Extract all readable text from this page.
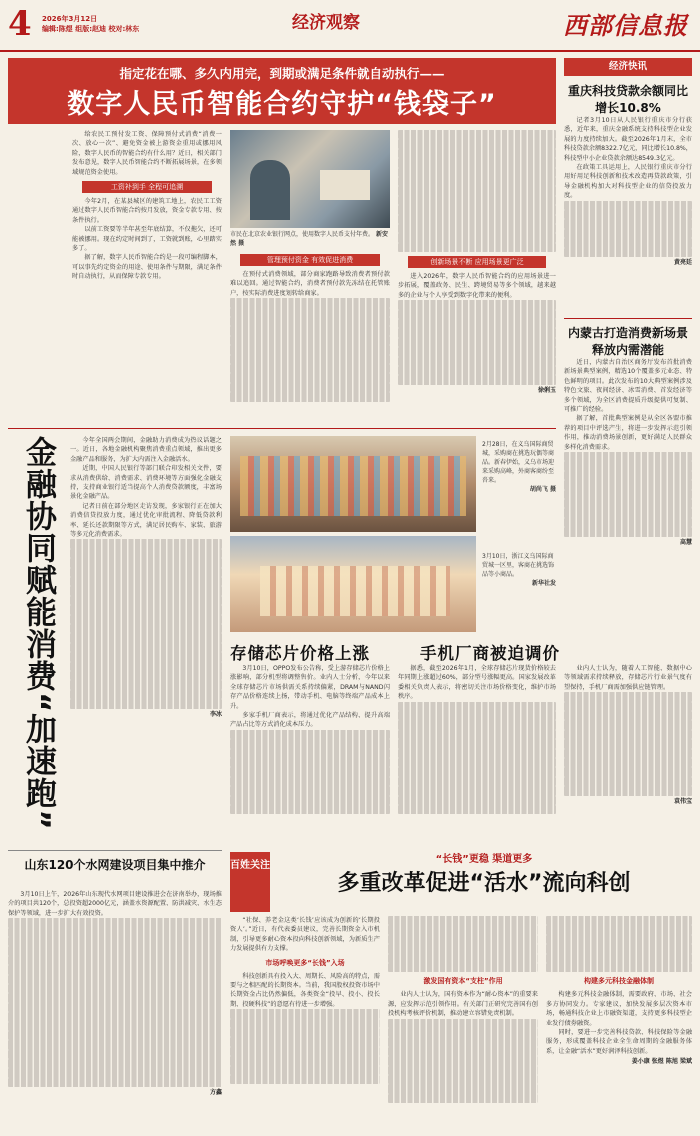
4 2026年3月12日
编辑:陈煜 组版:赵迪 校对:林东	经济观察	西部信息报
指定花在哪、多久内用完，到期或满足条件就自动执行——
数字人民币智能合约守护“钱袋子”

给农民工预付发工资、保障预付式消费“消费一次、放心一次”、避免资金被上游资金重用或挪用风险，数字人民币的智能合约有什么用？近日，相关部门发布意见，数字人民币智能合约不断拓展场景，在多领域规范资金使用。

工资补到手 全程可追溯

今年2月，在某县城区的建筑工地上，农民工工资通过数字人民币智能合约按月发放，资金专款专用、按条件执行。

以前工资要等半年甚至年底结算，不仅拖欠，还可能被挪用。现在约定时间到了，工资就到账，心里踏实多了。

据了解，数字人民币智能合约是一段可编程脚本，可以事先约定资金的用途、使用条件与期限，满足条件时自动执行，从而保障专款专用。

市民在北京农业银行网点，使用数字人民币支付年费。 新安然 摄
管理预付资金 有效促进消费

在预付式消费领域，部分商家跑路导致消费者预付款难以追回。通过智能合约，消费者预付款先冻结在托管账户，按实际消费进度划转给商家。

创新场景不断 应用场景更广泛

进入2026年，数字人民币智能合约的应用场景进一步拓展，覆盖政务、民生、跨境贸易等多个领域，越来越多的企业与个人享受到数字化带来的便利。

徐俐玉
金融协同赋能消费“加速跑”	今年全国两会期间，金融助力消费成为热议话题之一。近日，各地金融机构聚焦消费重点领域，推出更多金融产品和服务，为扩大内需注入金融活水。

近期，中国人民银行等部门联合印发相关文件，要求从消费供给、消费需求、消费环境等方面强化金融支持，支持商业银行适当提高个人消费贷款额度，丰富场景化金融产品。

记者日前在部分地区走访发现，多家银行正在加大消费信贷投放力度，通过优化审批流程、降低贷款利率、延长还款期限等方式，满足居民购车、家装、旅游等多元化消费需求。

李冰
2月28日，在义乌国际商贸城，采购商在挑选玩偶等商品。新春伊始，义乌市场迎来采购高峰，外商客商纷至沓来。
胡尚飞 摄
3月10日，浙江义乌国际商贸城一区里，客商在挑选饰品等小商品。
新华社发
存储芯片价格上涨

3月10日，OPPO发布公告称，受上游存储芯片价格上涨影响，部分机型将调整售价。业内人士分析，今年以来全球存储芯片市场供需关系持续偏紧，DRAM与NAND闪存产品价格连续上扬，带动手机、电脑等终端产品成本上升。

多家手机厂商表示，将通过优化产品结构、提升高端产品占比等方式消化成本压力。

手机厂商被迫调价

据悉，截至2026年1月，全球存储芯片现货价格较去年同期上涨超过60%，部分型号涨幅更高。国家发展改革委相关负责人表示，将密切关注市场价格变化，维护市场秩序。

业内人士认为，随着人工智能、数据中心等领域需求持续释放，存储芯片行业景气度有望保持，手机厂商需加强供应链管理。

袁伟宝
经济快讯
重庆科技贷款余额同比增长10.8%

记者3月10日从人民银行重庆市分行获悉，近年来，重庆金融系统支持科技型企业发展的力度持续加大。截至2026年1月末，全市科技贷款余额8322.7亿元，同比增长10.8%，科技型中小企业贷款余额达8549.3亿元。

在政策工具运用上，人民银行重庆市分行用好用足科技创新和技术改造再贷款政策，引导金融机构加大对科技型企业的信贷投放力度。

黄亮廷
内蒙古打造消费新场景释放内需潜能

近日，内蒙古自治区商务厅发布首批消费新场景典型案例，精选10个覆盖多元业态、特色鲜明的项目。此次发布的10大典型案例涉及特色文旅、夜间经济、冰雪消费、首发经济等多个领域，为全区消费提质升级提供可复制、可推广的经验。

据了解，首批典型案例是从全区各盟市推荐的项目中评选产生，将进一步发挥示范引领作用，推动消费场景创新，更好满足人民群众多样化消费需求。

高慧
山东120个水网建设项目集中推介

3月10日上午，2026年山东现代水网项目建设推进会在济南举办，现场推介的项目共120个，总投资超2000亿元，涵盖水资源配置、防洪减灾、水生态保护等领域，进一步扩大有效投资。

方鑫
百姓关注
“长钱”更稳 渠道更多
多重改革促进“活水”流向科创

“社保、养老金这类‘长钱’应该成为创新的‘长期投资人’。”近日，有代表委员建议，完善长期资金入市机制，引导更多耐心资本投向科技创新领域，为新质生产力发展提供有力支撑。

市场呼唤更多“长钱”入场

科技创新具有投入大、周期长、风险高的特点，需要与之相匹配的长期资本。当前，我国股权投资市场中长期资金占比仍然偏低，各类资金“投早、投小、投长期、投硬科技”的意愿有待进一步增强。

激发国有资本“支柱”作用

业内人士认为，国有资本作为“耐心资本”的重要来源，应发挥示范引领作用。有关部门正研究完善国有创投机构考核评价机制，推动建立容错免责机制。

构建多元科技金融体制

构建多元科技金融体制，需要政府、市场、社会多方协同发力。专家建议，加快发展多层次资本市场，畅通科技企业上市融资渠道，支持更多科技型企业发行债券融资。

同时，要进一步完善科技贷款、科技保险等金融服务，形成覆盖科技企业全生命周期的金融服务体系，让金融“活水”更好润泽科技创新。

姜小康 张煜 陈旭 梁斌
